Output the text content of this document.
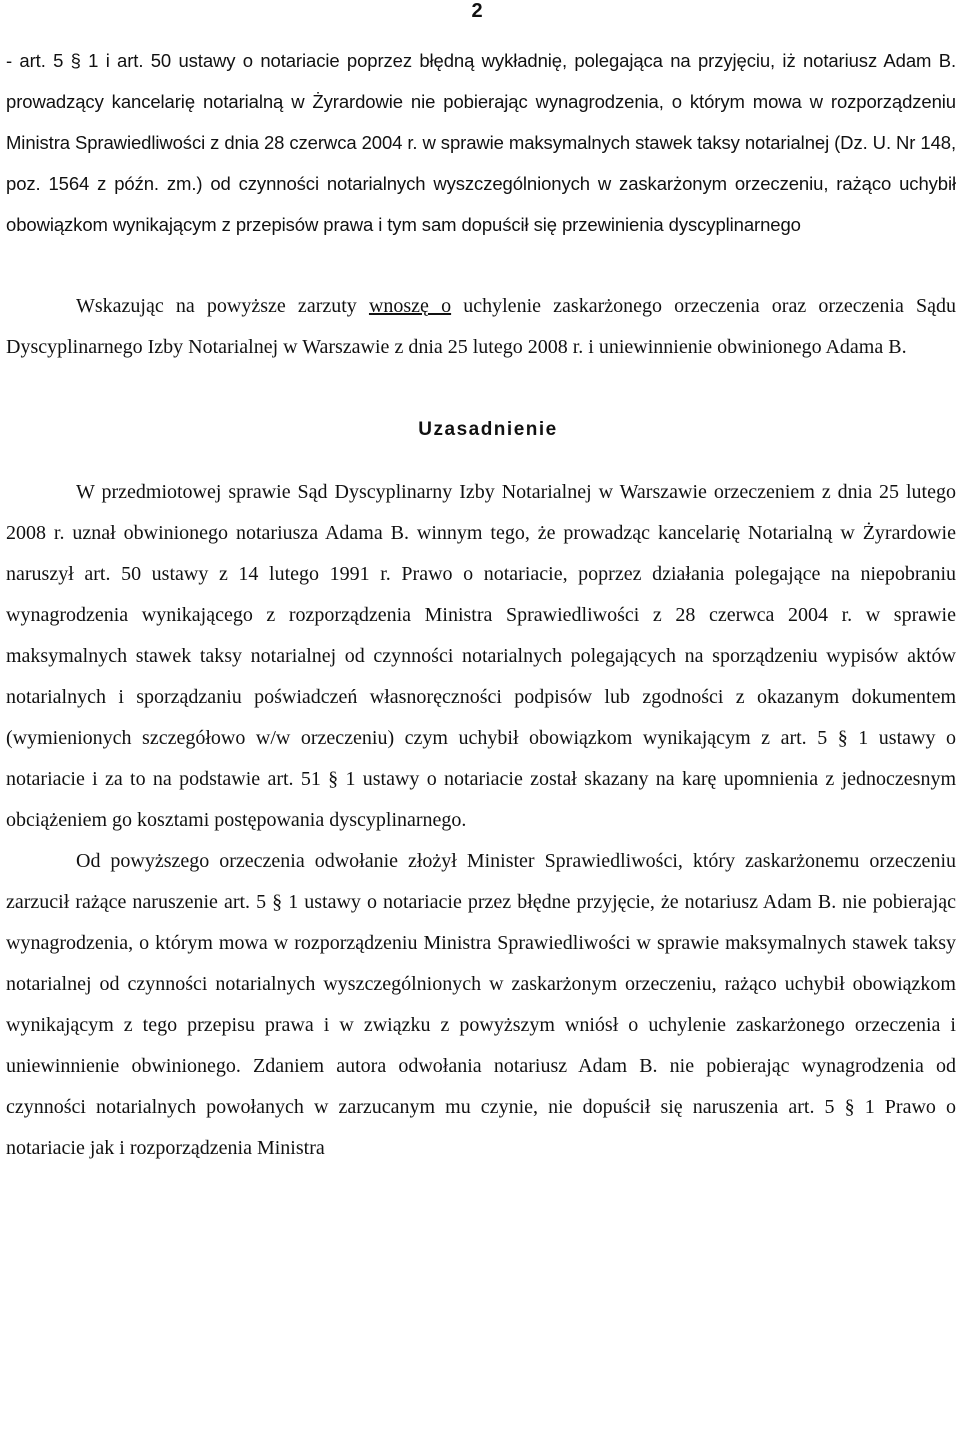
2

- art. 5 § 1 i art. 50 ustawy o notariacie poprzez błędną wykładnię, polegająca na przyjęciu, iż notariusz Adam B. prowadzący kancelarię notarialną w Żyrardowie nie pobierając wynagrodzenia, o którym mowa w rozporządzeniu Ministra Sprawiedliwości z dnia 28 czerwca 2004 r. w sprawie maksymalnych stawek taksy notarialnej (Dz. U. Nr 148, poz. 1564 z późn. zm.) od czynności notarialnych wyszczególnionych w zaskarżonym orzeczeniu, rażąco uchybił obowiązkom wynikającym z przepisów prawa i tym sam dopuścił się przewinienia dyscyplinarnego

Wskazując na powyższe zarzuty wnoszę o uchylenie zaskarżonego orzeczenia oraz orzeczenia Sądu Dyscyplinarnego Izby Notarialnej w Warszawie z dnia 25 lutego 2008 r. i uniewinnienie obwinionego Adama B.

Uzasadnienie

W przedmiotowej sprawie Sąd Dyscyplinarny Izby Notarialnej w Warszawie orzeczeniem z dnia 25 lutego 2008 r. uznał obwinionego notariusza Adama B. winnym tego, że prowadząc kancelarię Notarialną w Żyrardowie naruszył art. 50 ustawy z 14 lutego 1991 r. Prawo o notariacie, poprzez działania polegające na niepobraniu wynagrodzenia wynikającego z rozporządzenia Ministra Sprawiedliwości z 28 czerwca 2004 r. w sprawie maksymalnych stawek taksy notarialnej od czynności notarialnych polegających na sporządzeniu wypisów aktów notarialnych i sporządzaniu poświadczeń własnoręczności podpisów lub zgodności z okazanym dokumentem (wymienionych szczegółowo w/w orzeczeniu) czym uchybił obowiązkom wynikającym z art. 5 § 1 ustawy o notariacie i za to na podstawie art. 51 § 1 ustawy o notariacie został skazany na karę upomnienia z jednoczesnym obciążeniem go kosztami postępowania dyscyplinarnego.

Od powyższego orzeczenia odwołanie złożył Minister Sprawiedliwości, który zaskarżonemu orzeczeniu zarzucił rażące naruszenie art. 5 § 1 ustawy o notariacie przez błędne przyjęcie, że notariusz Adam B. nie pobierając wynagrodzenia, o którym mowa w rozporządzeniu Ministra Sprawiedliwości w sprawie maksymalnych stawek taksy notarialnej od czynności notarialnych wyszczególnionych w zaskarżonym orzeczeniu, rażąco uchybił obowiązkom wynikającym z tego przepisu prawa i w związku z powyższym wniósł o uchylenie zaskarżonego orzeczenia i uniewinnienie obwinionego. Zdaniem autora odwołania notariusz Adam B. nie pobierając wynagrodzenia od czynności notarialnych powołanych w zarzucanym mu czynie, nie dopuścił się naruszenia art. 5 § 1 Prawo o notariacie jak i rozporządzenia Ministra
